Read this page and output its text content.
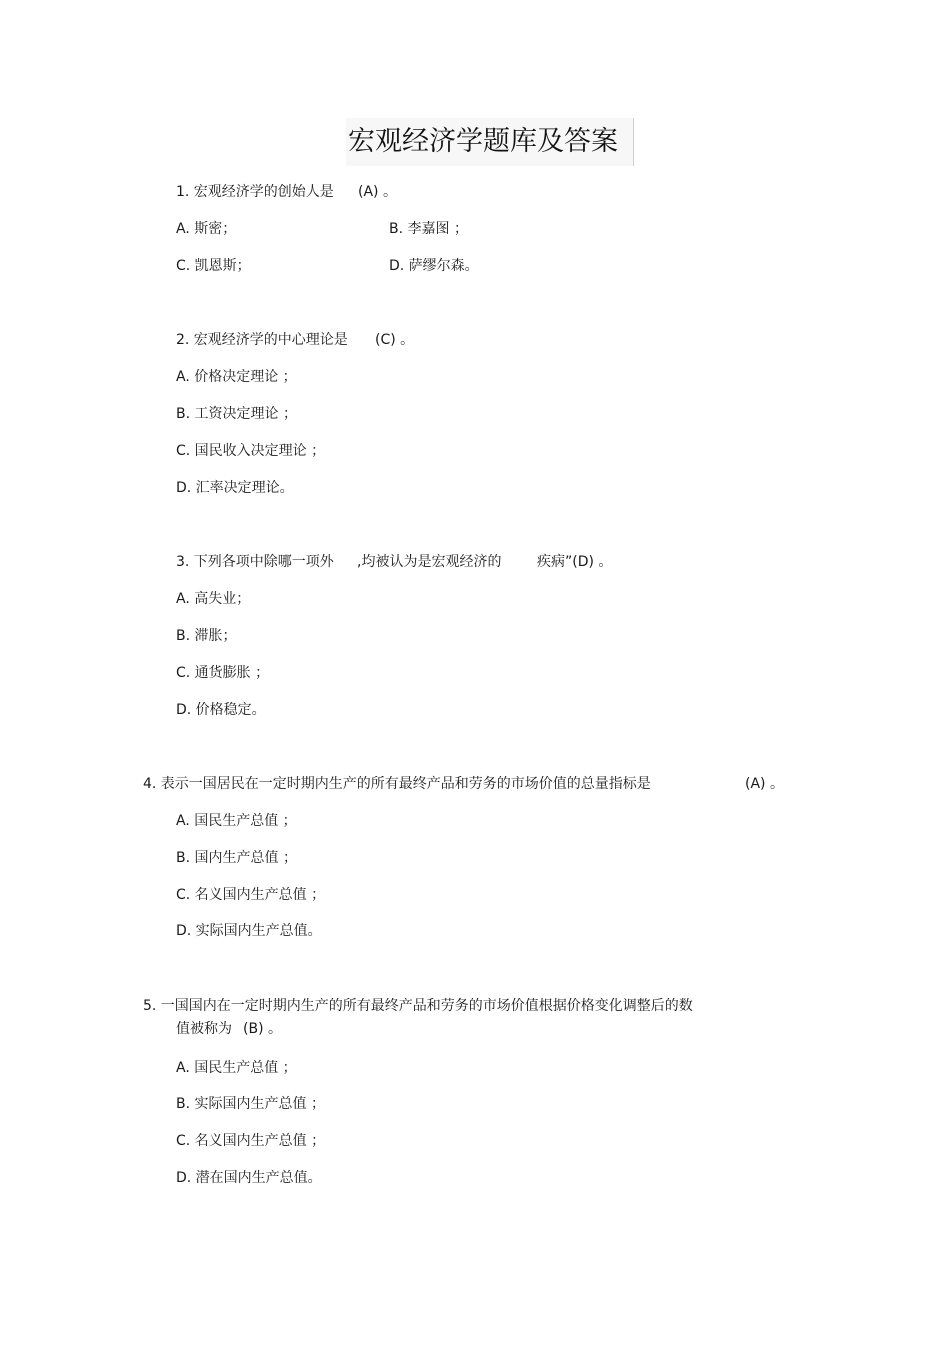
宏观经济学题库及答案
1. 宏观经济学的创始人是 (A) 。
A. 斯密；	B. 李嘉图 ；
C. 凯恩斯；	D. 萨缪尔森。
2. 宏观经济学的中心理论是 (C) 。
A. 价格决定理论 ；
B. 工资决定理论 ；
C. 国民收入决定理论 ；
D. 汇率决定理论。
3. 下列各项中除哪一项外 ,均被认为是宏观经济的	疾病”(D) 。
A. 高失业；
B. 滞胀；
C. 通货膨胀 ；
D. 价格稳定。
4. 表示一国居民在一定时期内生产的所有最终产品和劳务的市场价值的总量指标是	(A) 。
A. 国民生产总值 ；
B. 国内生产总值 ；
C. 名义国内生产总值 ；
D. 实际国内生产总值。
5. 一国国内在一定时期内生产的所有最终产品和劳务的市场价值根据价格变化调整后的数
值被称为 (B) 。
A. 国民生产总值 ；
B. 实际国内生产总值 ；
C. 名义国内生产总值 ；
D. 潜在国内生产总值。
